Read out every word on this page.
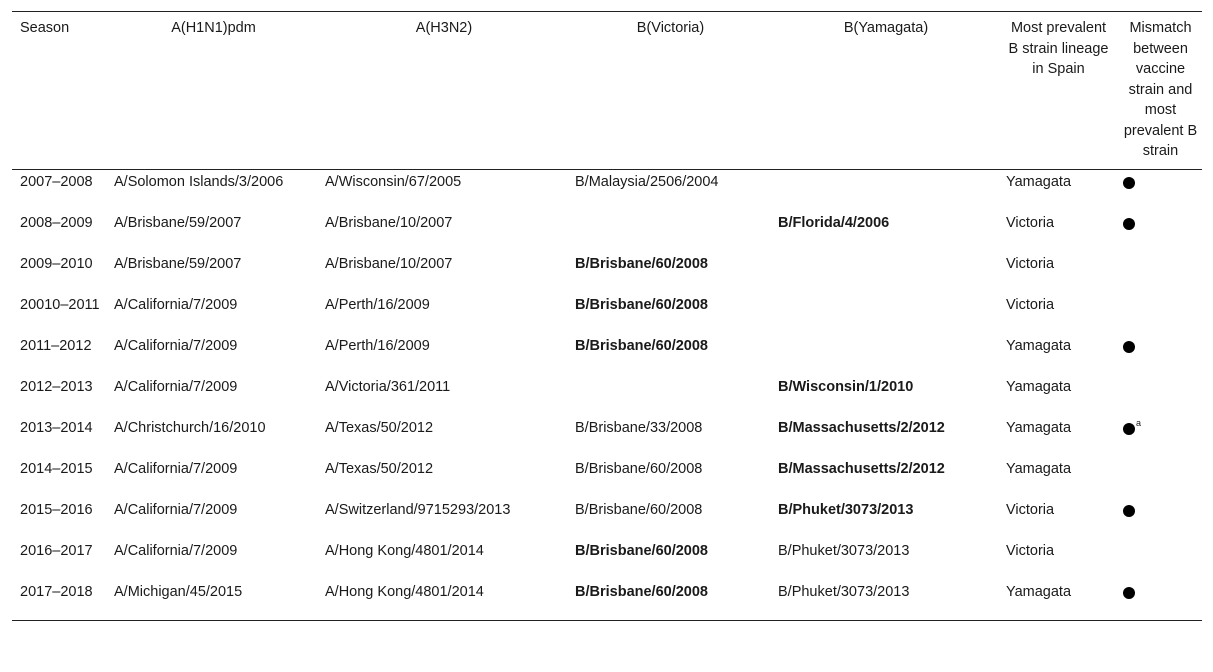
Season	A(H1N1)pdm	A(H3N2)	B(Victoria)	B(Yamagata)	Most prevalent B strain lineage in Spain	Mismatch between vaccine strain and most prevalent B strain
2007–2008	A/Solomon Islands/3/2006	A/Wisconsin/67/2005	B/Malaysia/2506/2004		Yamagata	
2008–2009	A/Brisbane/59/2007	A/Brisbane/10/2007		B/Florida/4/2006	Victoria	
2009–2010	A/Brisbane/59/2007	A/Brisbane/10/2007	B/Brisbane/60/2008		Victoria	
20010–2011	A/California/7/2009	A/Perth/16/2009	B/Brisbane/60/2008		Victoria	
2011–2012	A/California/7/2009	A/Perth/16/2009	B/Brisbane/60/2008		Yamagata	
2012–2013	A/California/7/2009	A/Victoria/361/2011		B/Wisconsin/1/2010	Yamagata	
2013–2014	A/Christchurch/16/2010	A/Texas/50/2012	B/Brisbane/33/2008	B/Massachusetts/2/2012	Yamagata	$^a$
2014–2015	A/California/7/2009	A/Texas/50/2012	B/Brisbane/60/2008	B/Massachusetts/2/2012	Yamagata	
2015–2016	A/California/7/2009	A/Switzerland/9715293/2013	B/Brisbane/60/2008	B/Phuket/3073/2013	Victoria	
2016–2017	A/California/7/2009	A/Hong Kong/4801/2014	B/Brisbane/60/2008	B/Phuket/3073/2013	Victoria	
2017–2018	A/Michigan/45/2015	A/Hong Kong/4801/2014	B/Brisbane/60/2008	B/Phuket/3073/2013	Yamagata	
